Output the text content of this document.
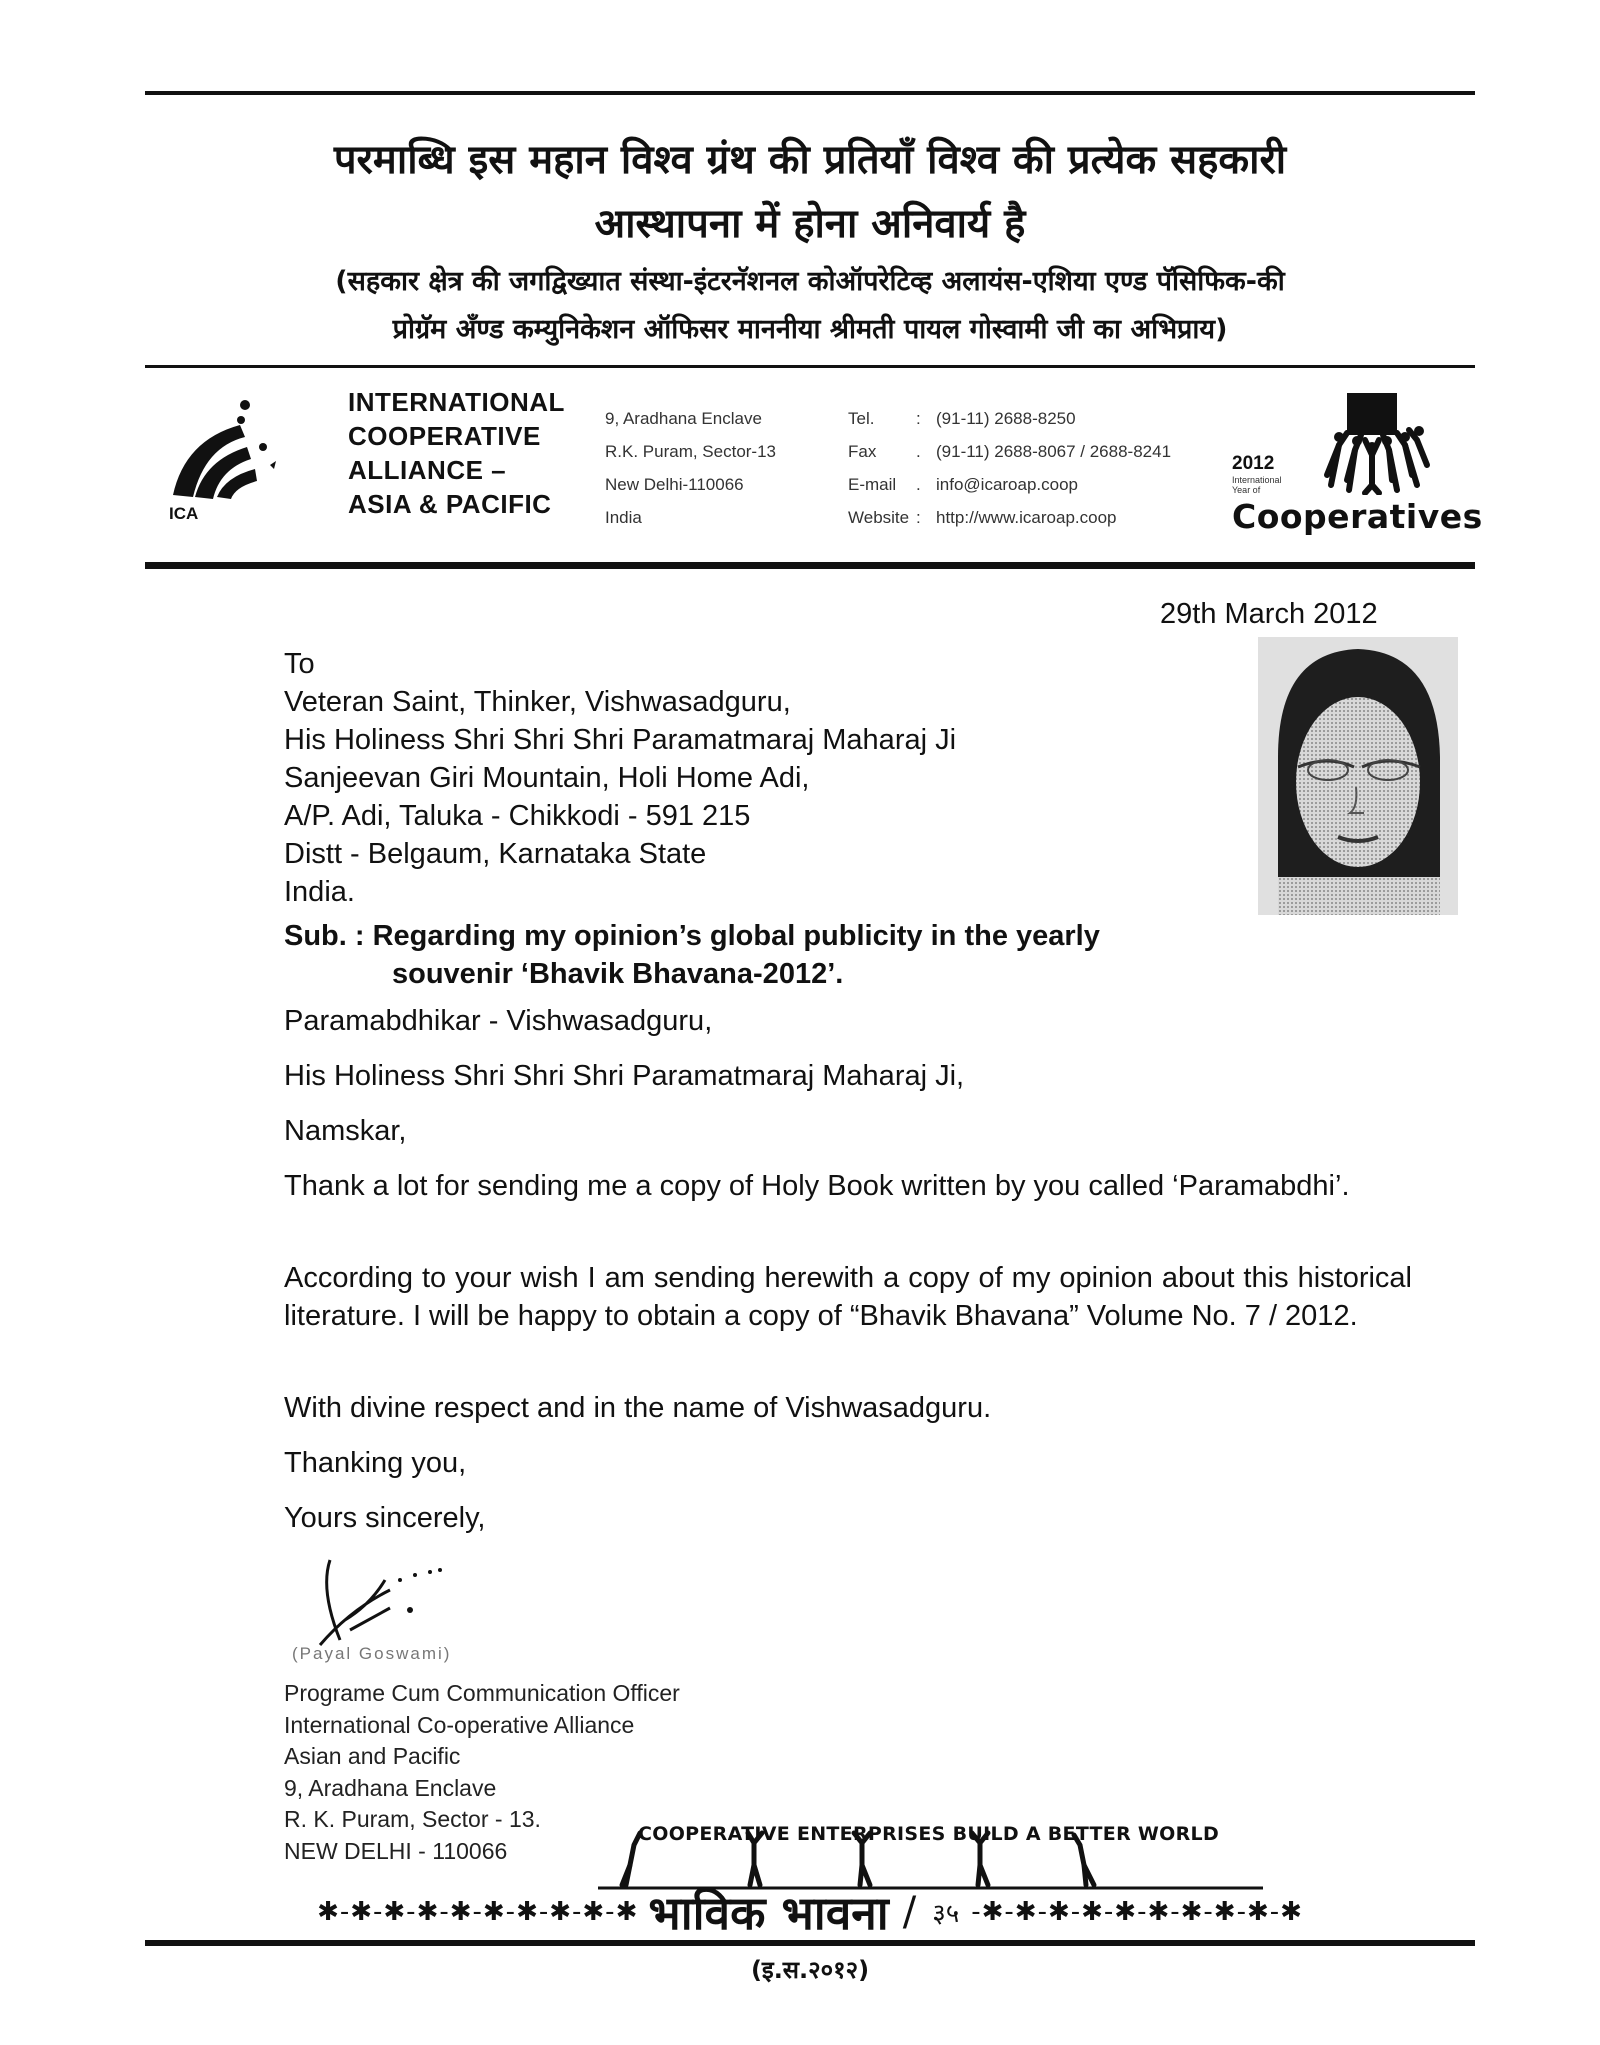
परमाब्धि इस महान विश्व ग्रंथ की प्रतियाँ विश्व की प्रत्येक सहकारी
आस्थापना में होना अनिवार्य है
(सहकार क्षेत्र की जगद्विख्यात संस्था-इंटरनॅशनल कोऑपरेटिव्ह अलायंस-एशिया एण्ड पॅसिफिक-की
प्रोग्रॅम अँण्ड कम्युनिकेशन ऑफिसर माननीया श्रीमती पायल गोस्वामी जी का अभिप्राय)
ICA
INTERNATIONAL
COOPERATIVE
ALLIANCE –
ASIA & PACIFIC
9, Aradhana Enclave
R.K. Puram, Sector-13
New Delhi-110066
India
Tel.	: (91-11) 2688-8250
Fax	. (91-11) 2688-8067 / 2688-8241
E-mail	. info@icaroap.coop
Website : http://www.icaroap.coop
2012
International
Year of
Cooperatives
29th March 2012
To
Veteran Saint, Thinker, Vishwasadguru,
His Holiness Shri Shri Shri Paramatmaraj Maharaj Ji
Sanjeevan Giri Mountain, Holi Home Adi,
A/P. Adi, Taluka - Chikkodi - 591 215
Distt - Belgaum, Karnataka State
India.
Sub. : Regarding my opinion’s global publicity in the yearly
souvenir ‘Bhavik Bhavana-2012’.
Paramabdhikar - Vishwasadguru,
His Holiness Shri Shri Shri Paramatmaraj Maharaj Ji,
Namskar,
Thank a lot for sending me a copy of Holy Book written by you called ‘Paramabdhi’.
According to your wish I am sending herewith a copy of my opinion about this historical literature. I will be happy to obtain a copy of “Bhavik Bhavana” Volume No. 7 / 2012.
With divine respect and in the name of Vishwasadguru.
Thanking you,
Yours sincerely,
(Payal Goswami)
Programe Cum Communication Officer
International Co-operative Alliance
Asian and Pacific
9, Aradhana Enclave
R. K. Puram, Sector - 13.
NEW DELHI - 110066
COOPERATIVE ENTERPRISES BUILD A BETTER WORLD
✱-✱-✱-✱-✱-✱-✱-✱-✱-✱ भाविक भावना / ३५ -✱-✱-✱-✱-✱-✱-✱-✱-✱-✱
(इ.स.२०१२)
